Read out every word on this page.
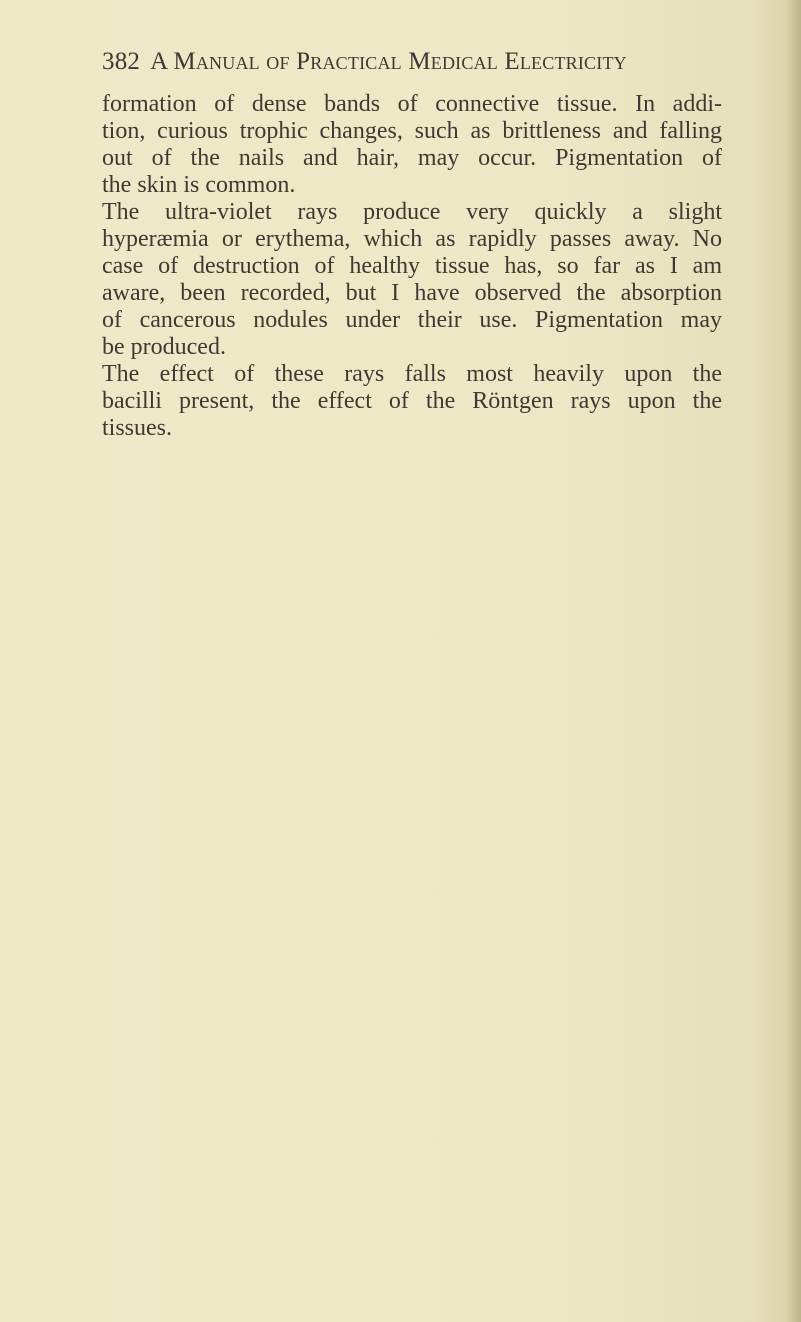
382 A Manual of Practical Medical Electricity

formation of dense bands of connective tissue. In addi-
tion, curious trophic changes, such as brittleness and falling
out of the nails and hair, may occur. Pigmentation of
the skin is common.

The ultra-violet rays produce very quickly a slight
hyperæmia or erythema, which as rapidly passes away. No
case of destruction of healthy tissue has, so far as I am
aware, been recorded, but I have observed the absorption
of cancerous nodules under their use. Pigmentation may
be produced.

The effect of these rays falls most heavily upon the
bacilli present, the effect of the Röntgen rays upon the
tissues.
